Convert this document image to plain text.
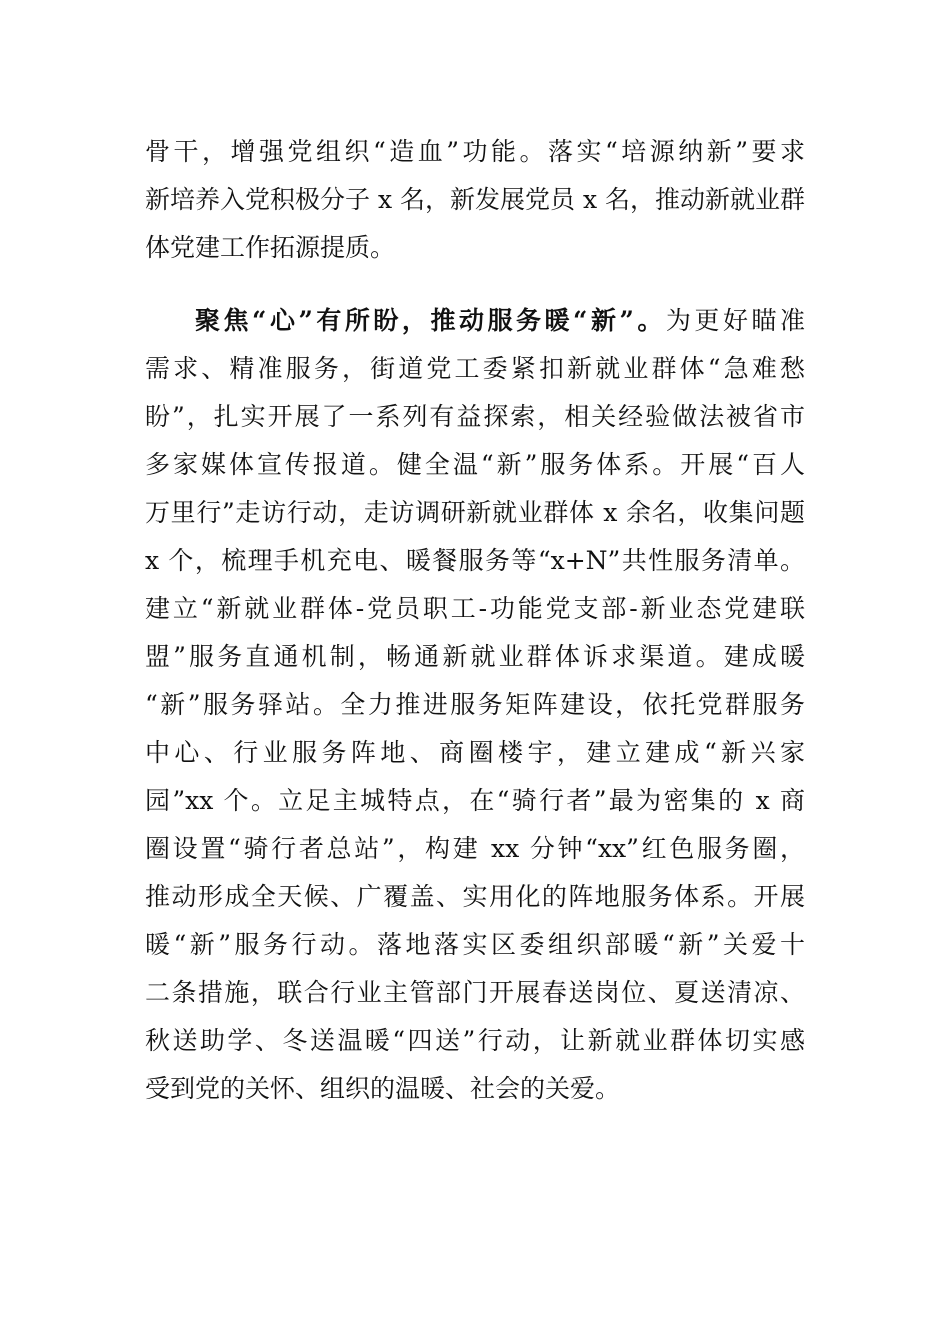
骨干，增强党组织“造血”功能。落实“培源纳新”要求

新培养入党积极分子 x 名，新发展党员 x 名，推动新就业群

体党建工作拓源提质。

聚焦“心”有所盼，推动服务暖“新”。为更好瞄准

需求、精准服务，街道党工委紧扣新就业群体“急难愁

盼”，扎实开展了一系列有益探索，相关经验做法被省市

多家媒体宣传报道。健全温“新”服务体系。开展“百人

万里行”走访行动，走访调研新就业群体 x 余名，收集问题

x 个，梳理手机充电、暖餐服务等“x+N”共性服务清单。

建立“新就业群体-党员职工-功能党支部-新业态党建联

盟”服务直通机制，畅通新就业群体诉求渠道。建成暖

“新”服务驿站。全力推进服务矩阵建设，依托党群服务

中心、行业服务阵地、商圈楼宇，建立建成“新兴家

园”xx 个。立足主城特点，在“骑行者”最为密集的 x 商

圈设置“骑行者总站”，构建 xx 分钟“xx”红色服务圈，

推动形成全天候、广覆盖、实用化的阵地服务体系。开展

暖“新”服务行动。落地落实区委组织部暖“新”关爱十

二条措施，联合行业主管部门开展春送岗位、夏送清凉、

秋送助学、冬送温暖“四送”行动，让新就业群体切实感

受到党的关怀、组织的温暖、社会的关爱。
